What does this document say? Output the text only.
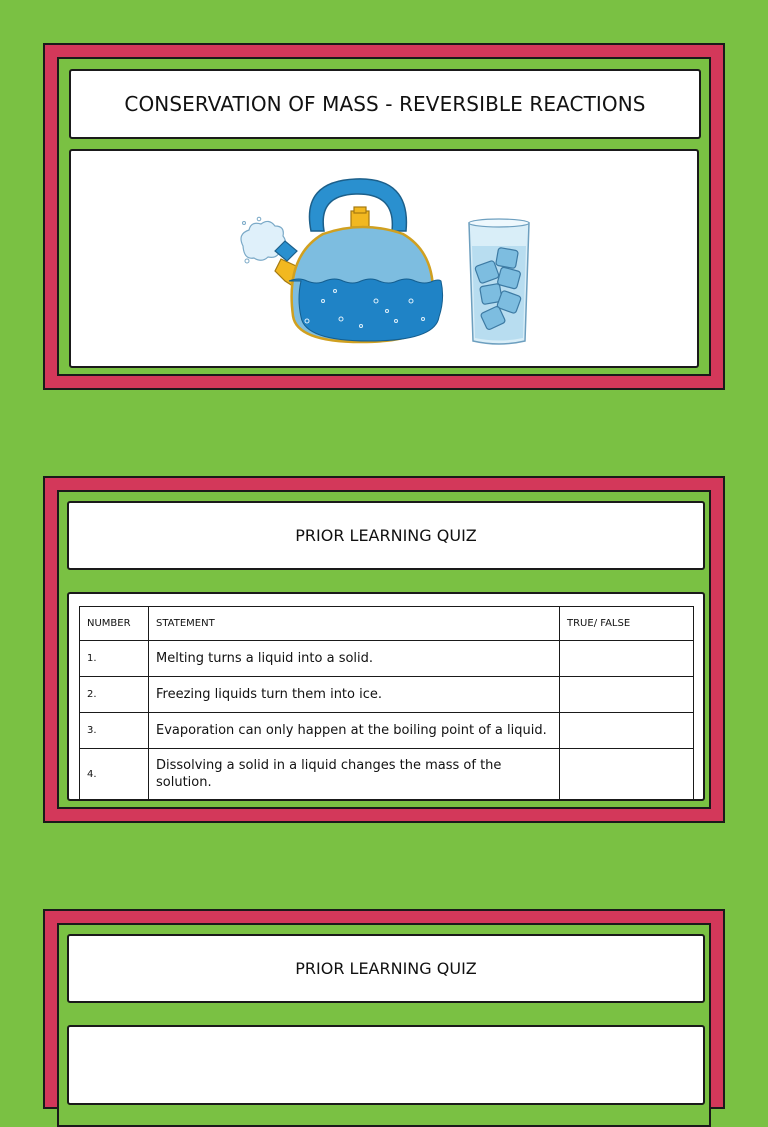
CONSERVATION OF MASS - REVERSIBLE REACTIONS
PRIOR LEARNING QUIZ
NUMBER	STATEMENT	TRUE/ FALSE
1.	Melting turns a liquid into a solid.	
2.	Freezing liquids turn them into ice.	
3.	Evaporation can only happen at the boiling point of a liquid.	
4.	Dissolving a solid in a liquid changes the mass of the solution.	
PRIOR LEARNING QUIZ
